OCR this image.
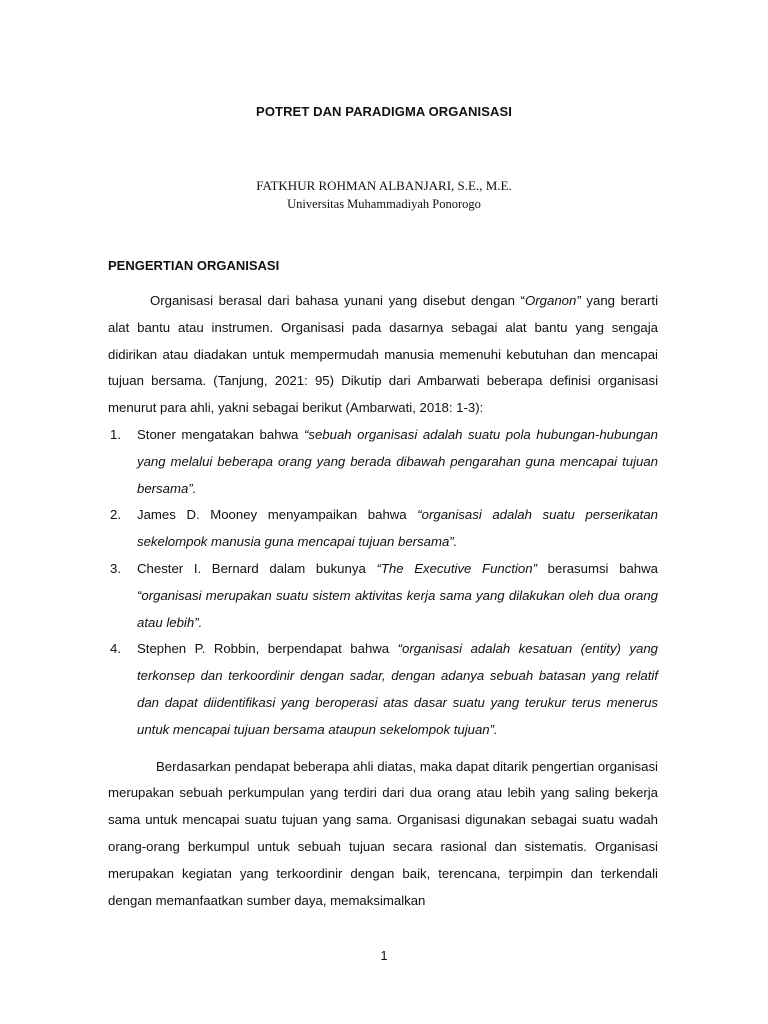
POTRET DAN PARADIGMA ORGANISASI
FATKHUR ROHMAN ALBANJARI, S.E., M.E.
Universitas Muhammadiyah Ponorogo
PENGERTIAN ORGANISASI

Organisasi berasal dari bahasa yunani yang disebut dengan “Organon” yang berarti alat bantu atau instrumen. Organisasi pada dasarnya sebagai alat bantu yang sengaja didirikan atau diadakan untuk mempermudah manusia memenuhi kebutuhan dan mencapai tujuan bersama. (Tanjung, 2021: 95) Dikutip dari Ambarwati beberapa definisi organisasi menurut para ahli, yakni sebagai berikut (Ambarwati, 2018: 1-3):

1. Stoner mengatakan bahwa “sebuah organisasi adalah suatu pola hubungan-hubungan yang melalui beberapa orang yang berada dibawah pengarahan guna mencapai tujuan bersama”.
2. James D. Mooney menyampaikan bahwa “organisasi adalah suatu perserikatan sekelompok manusia guna mencapai tujuan bersama”.
3. Chester I. Bernard dalam bukunya “The Executive Function” berasumsi bahwa “organisasi merupakan suatu sistem aktivitas kerja sama yang dilakukan oleh dua orang atau lebih”.
4. Stephen P. Robbin, berpendapat bahwa “organisasi adalah kesatuan (entity) yang terkonsep dan terkoordinir dengan sadar, dengan adanya sebuah batasan yang relatif dan dapat diidentifikasi yang beroperasi atas dasar suatu yang terukur terus menerus untuk mencapai tujuan bersama ataupun sekelompok tujuan”.

Berdasarkan pendapat beberapa ahli diatas, maka dapat ditarik pengertian organisasi merupakan sebuah perkumpulan yang terdiri dari dua orang atau lebih yang saling bekerja sama untuk mencapai suatu tujuan yang sama. Organisasi digunakan sebagai suatu wadah orang-orang berkumpul untuk sebuah tujuan secara rasional dan sistematis. Organisasi merupakan kegiatan yang terkoordinir dengan baik, terencana, terpimpin dan terkendali dengan memanfaatkan sumber daya, memaksimalkan

1
